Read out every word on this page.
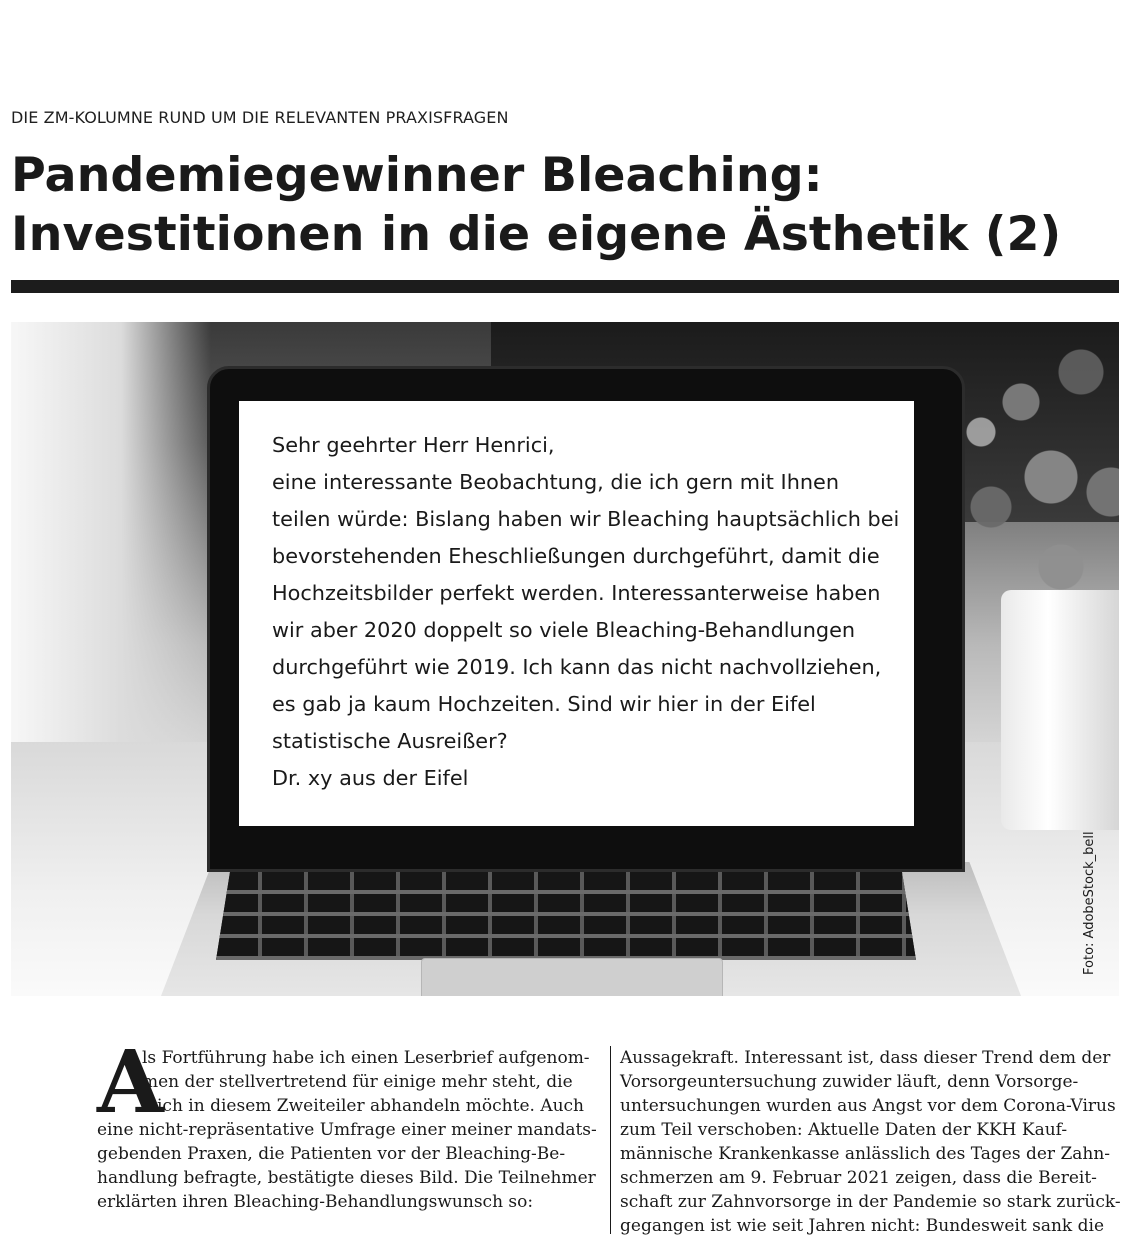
DIE ZM-KOLUMNE RUND UM DIE RELEVANTEN PRAXISFRAGEN
Pandemiegewinner Bleaching:
Investitionen in die eigene Ästhetik (2)
Sehr geehrter Herr Henrici,
eine interessante Beobachtung, die ich gern mit Ihnen
teilen würde: Bislang haben wir Bleaching hauptsächlich bei
bevorstehenden Eheschließungen durchgeführt, damit die
Hochzeitsbilder perfekt werden. Interessanterweise haben
wir aber 2020 doppelt so viele Bleaching-Behandlungen
durchgeführt wie 2019. Ich kann das nicht nachvollziehen,
es gab ja kaum Hochzeiten. Sind wir hier in der Eifel
statistische Ausreißer?
Dr. xy aus der Eifel
Foto: AdobeStock_bell
A
ls Fortführung habe ich einen Leserbrief aufgenom-
men der stellvertretend für einige mehr steht, die
ich in diesem Zweiteiler abhandeln möchte. Auch
eine nicht-repräsentative Umfrage einer meiner mandats-
gebenden Praxen, die Patienten vor der Bleaching-Be-
handlung befragte, bestätigte dieses Bild. Die Teilnehmer
erklärten ihren Bleaching-Behandlungswunsch so:
Aussagekraft. Interessant ist, dass dieser Trend dem der
Vorsorgeuntersuchung zuwider läuft, denn Vorsorge-
untersuchungen wurden aus Angst vor dem Corona-Virus
zum Teil verschoben: Aktuelle Daten der KKH Kauf-
männische Krankenkasse anlässlich des Tages der Zahn-
schmerzen am 9. Februar 2021 zeigen, dass die Bereit-
schaft zur Zahnvorsorge in der Pandemie so stark zurück-
gegangen ist wie seit Jahren nicht: Bundesweit sank die
